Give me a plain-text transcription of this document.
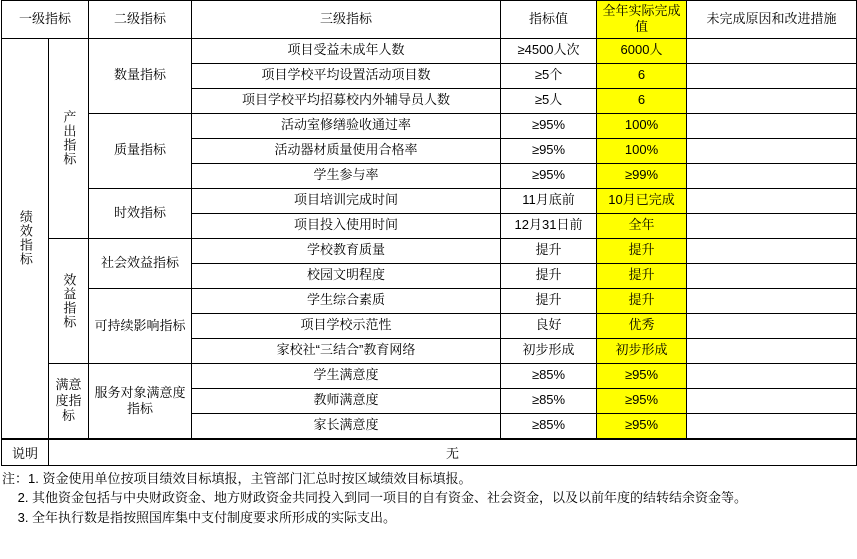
一级指标		二级指标	三级指标	指标值	全年实际完成值	未完成原因和改进措施

绩效指标	产出指标	数量指标	项目受益未成年人数	≥4500人次	6000人	
			项目学校平均设置活动项目数	≥5个	6	
			项目学校平均招募校内外辅导员人数	≥5人	6	
		质量指标	活动室修缮验收通过率	≥95%	100%	
			活动器材质量使用合格率	≥95%	100%	
			学生参与率	≥95%	≥99%	
		时效指标	项目培训完成时间	11月底前	10月已完成	
			项目投入使用时间	12月31日前	全年	

	效益指标	社会效益指标	学校教育质量	提升	提升	
			校园文明程度	提升	提升	

		可持续影响指标	学生综合素质	提升	提升	
			项目学校示范性	良好	优秀	
			家校社“三结合”教育网络	初步形成	初步形成	

	满意度指标	服务对象满意度指标	学生满意度	≥85%	≥95%	
			教师满意度	≥85%	≥95%	
			家长满意度	≥85%	≥95%	
说明	无
注：1. 资金使用单位按项目绩效目标填报，主管部门汇总时按区域绩效目标填报。
2. 其他资金包括与中央财政资金、地方财政资金共同投入到同一项目的自有资金、社会资金，以及以前年度的结转结余资金等。
3. 全年执行数是指按照国库集中支付制度要求所形成的实际支出。
